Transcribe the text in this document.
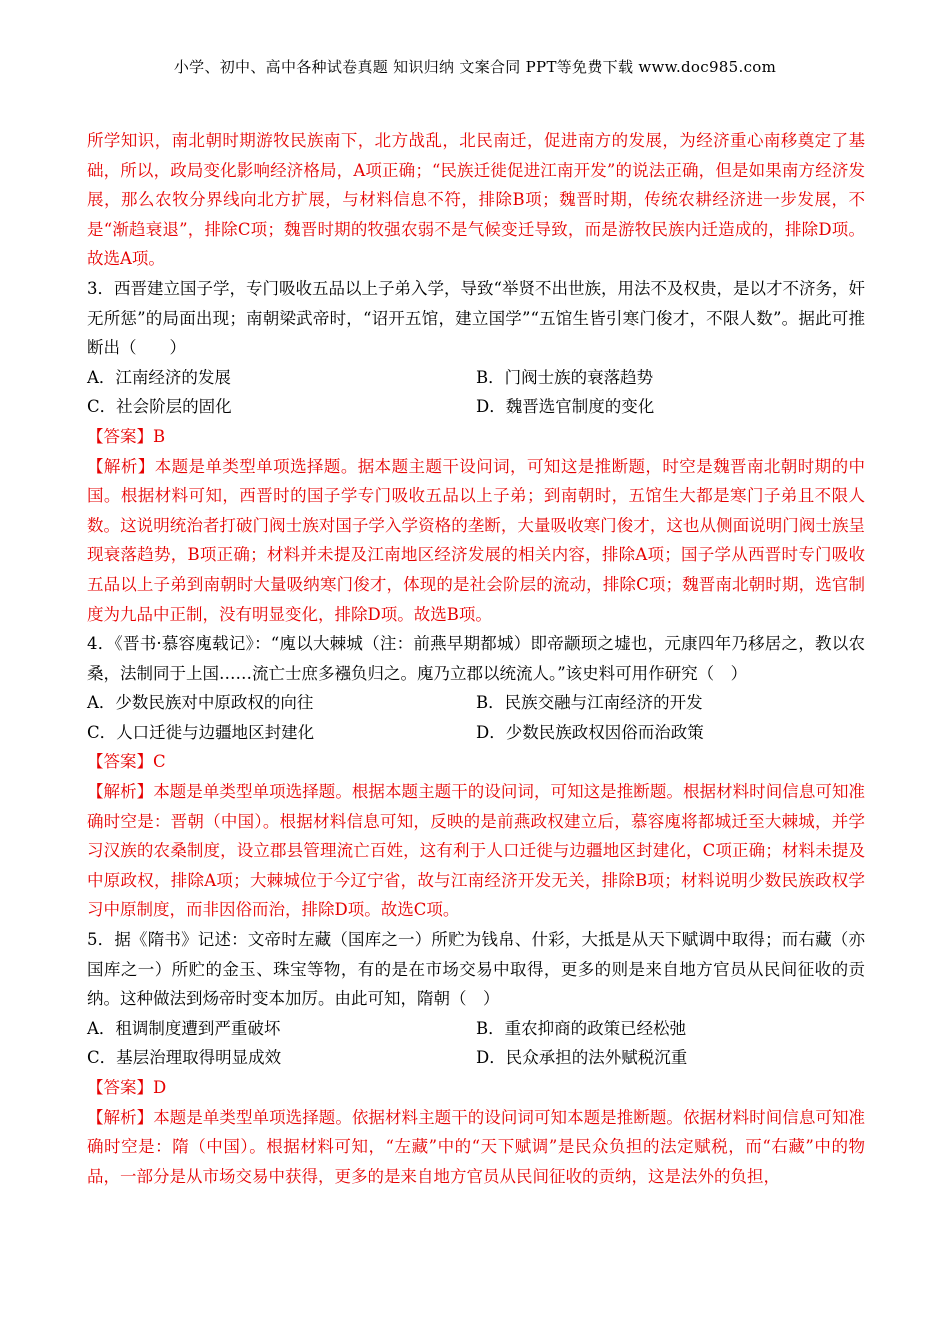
小学、初中、高中各种试卷真题 知识归纳 文案合同 PPT等免费下载 www.doc985.com
所学知识，南北朝时期游牧民族南下，北方战乱，北民南迁，促进南方的发展，为经济重心南移奠定了基础，所以，政局变化影响经济格局，A项正确；“民族迁徙促进江南开发”的说法正确，但是如果南方经济发展，那么农牧分界线向北方扩展，与材料信息不符，排除B项；魏晋时期，传统农耕经济进一步发展，不是“渐趋衰退”，排除C项；魏晋时期的牧强农弱不是气候变迁导致，而是游牧民族内迁造成的，排除D项。故选A项。
3．西晋建立国子学，专门吸收五品以上子弟入学，导致“举贤不出世族，用法不及权贵，是以才不济务，奸无所惩”的局面出现；南朝梁武帝时，“诏开五馆，建立国学”“五馆生皆引寒门俊才，不限人数”。据此可推断出（　　）
A．江南经济的发展	B．门阀士族的衰落趋势
C．社会阶层的固化	D．魏晋选官制度的变化
【答案】B
【解析】本题是单类型单项选择题。据本题主题干设问词，可知这是推断题，时空是魏晋南北朝时期的中国。根据材料可知，西晋时的国子学专门吸收五品以上子弟；到南朝时，五馆生大都是寒门子弟且不限人数。这说明统治者打破门阀士族对国子学入学资格的垄断，大量吸收寒门俊才，这也从侧面说明门阀士族呈现衰落趋势，B项正确；材料并未提及江南地区经济发展的相关内容，排除A项；国子学从西晋时专门吸收五品以上子弟到南朝时大量吸纳寒门俊才，体现的是社会阶层的流动，排除C项；魏晋南北朝时期，选官制度为九品中正制，没有明显变化，排除D项。故选B项。
4．《晋书·慕容廆载记》：“廆以大棘城（注：前燕早期都城）即帝颛顼之墟也，元康四年乃移居之，教以农桑，法制同于上国……流亡士庶多襁负归之。廆乃立郡以统流人。”该史料可用作研究（　）
A．少数民族对中原政权的向往	B．民族交融与江南经济的开发
C．人口迁徙与边疆地区封建化	D．少数民族政权因俗而治政策
【答案】C
【解析】本题是单类型单项选择题。根据本题主题干的设问词，可知这是推断题。根据材料时间信息可知准确时空是：晋朝（中国）。根据材料信息可知，反映的是前燕政权建立后，慕容廆将都城迁至大棘城，并学习汉族的农桑制度，设立郡县管理流亡百姓，这有利于人口迁徙与边疆地区封建化，C项正确；材料未提及中原政权，排除A项；大棘城位于今辽宁省，故与江南经济开发无关，排除B项；材料说明少数民族政权学习中原制度，而非因俗而治，排除D项。故选C项。
5．据《隋书》记述：文帝时左藏（国库之一）所贮为钱帛、什彩，大抵是从天下赋调中取得；而右藏（亦国库之一）所贮的金玉、珠宝等物，有的是在市场交易中取得，更多的则是来自地方官员从民间征收的贡纳。这种做法到炀帝时变本加厉。由此可知，隋朝（　）
A．租调制度遭到严重破坏	B．重农抑商的政策已经松弛
C．基层治理取得明显成效	D．民众承担的法外赋税沉重
【答案】D
【解析】本题是单类型单项选择题。依据材料主题干的设问词可知本题是推断题。依据材料时间信息可知准确时空是：隋（中国）。根据材料可知，“左藏”中的“天下赋调”是民众负担的法定赋税，而“右藏”中的物品，一部分是从市场交易中获得，更多的是来自地方官员从民间征收的贡纳，这是法外的负担，
